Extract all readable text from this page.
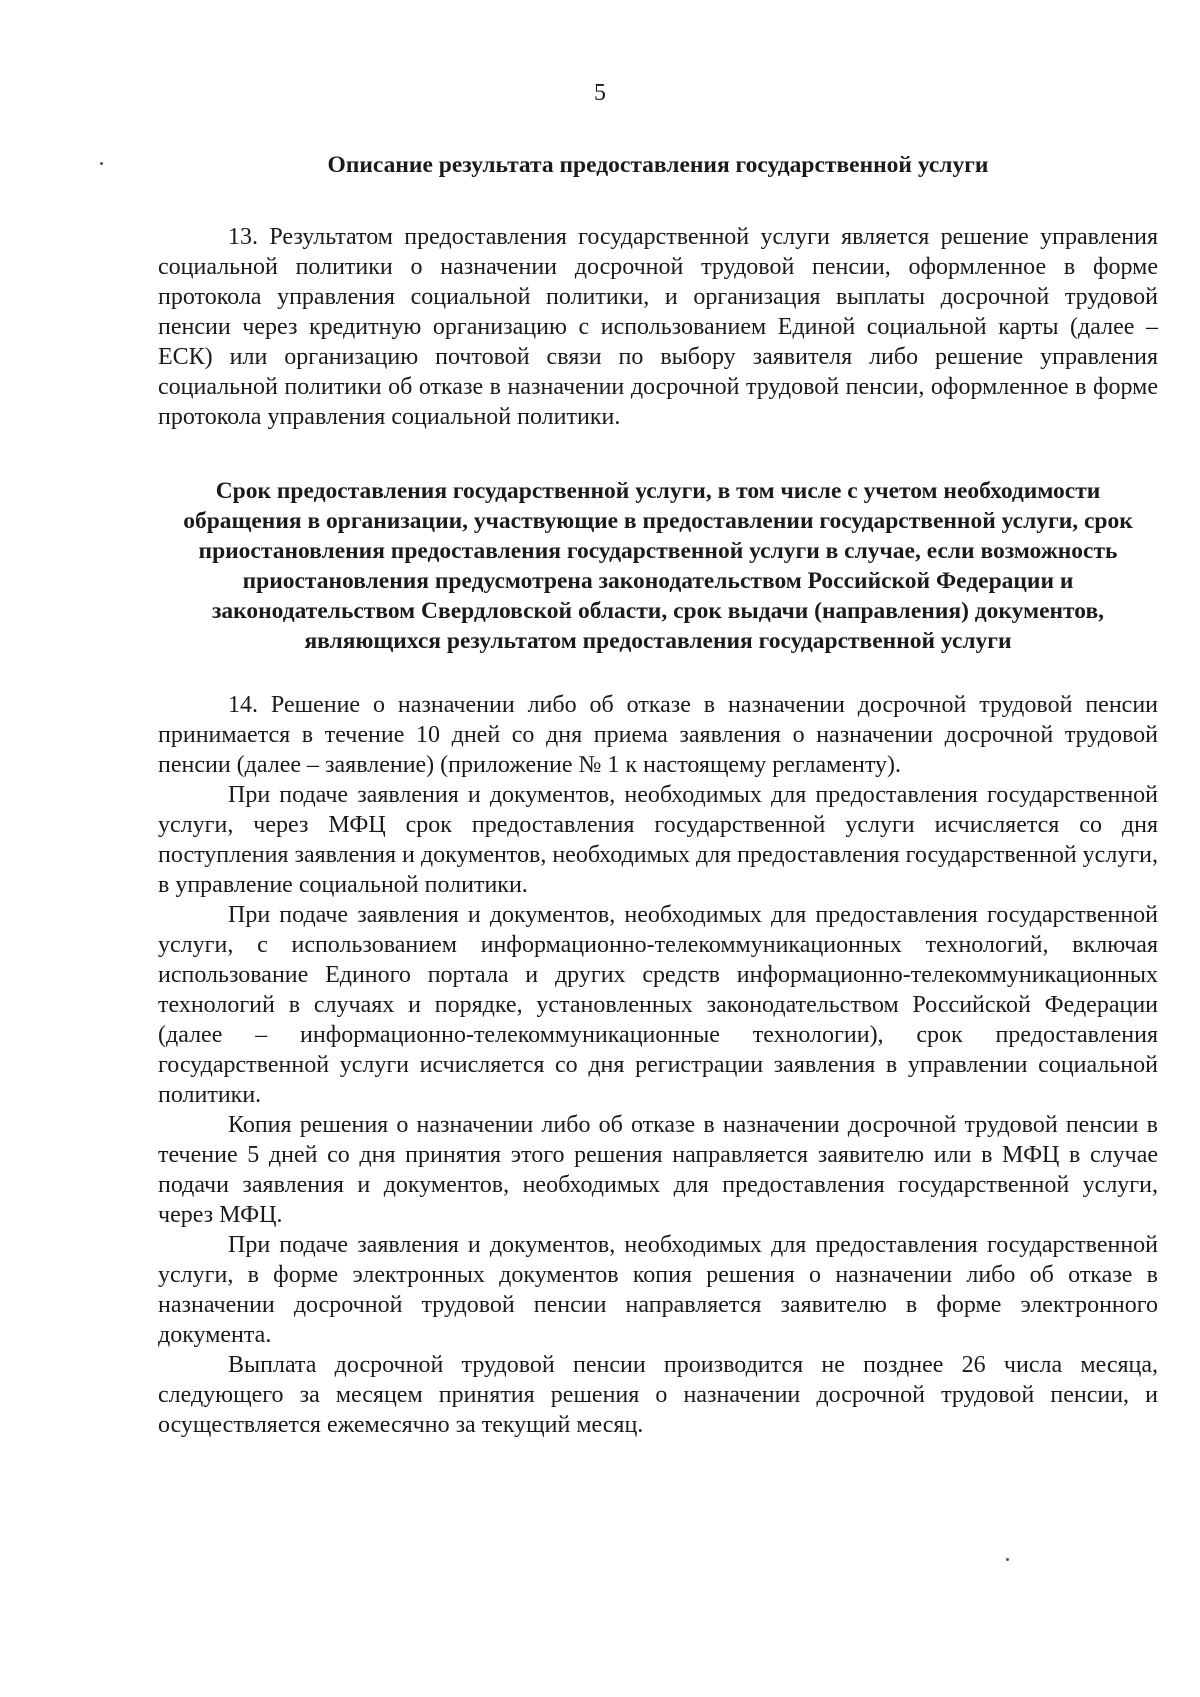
5
Описание результата предоставления государственной услуги

13. Результатом предоставления государственной услуги является решение управления социальной политики о назначении досрочной трудовой пенсии, оформленное в форме протокола управления социальной политики, и организация выплаты досрочной трудовой пенсии через кредитную организацию с использованием Единой социальной карты (далее – ЕСК) или организацию почтовой связи по выбору заявителя либо решение управления социальной политики об отказе в назначении досрочной трудовой пенсии, оформленное в форме протокола управления социальной политики.

Срок предоставления государственной услуги, в том числе с учетом необходимости обращения в организации, участвующие в предоставлении государственной услуги, срок приостановления предоставления государственной услуги в случае, если возможность приостановления предусмотрена законодательством Российской Федерации и законодательством Свердловской области, срок выдачи (направления) документов, являющихся результатом предоставления государственной услуги

14. Решение о назначении либо об отказе в назначении досрочной трудовой пенсии принимается в течение 10 дней со дня приема заявления о назначении досрочной трудовой пенсии (далее – заявление) (приложение № 1 к настоящему регламенту).

При подаче заявления и документов, необходимых для предоставления государственной услуги, через МФЦ срок предоставления государственной услуги исчисляется со дня поступления заявления и документов, необходимых для предоставления государственной услуги, в управление социальной политики.

При подаче заявления и документов, необходимых для предоставления государственной услуги, с использованием информационно-телекоммуникационных технологий, включая использование Единого портала и других средств информационно-телекоммуникационных технологий в случаях и порядке, установленных законодательством Российской Федерации (далее – информационно-телекоммуникационные технологии), срок предоставления государственной услуги исчисляется со дня регистрации заявления в управлении социальной политики.

Копия решения о назначении либо об отказе в назначении досрочной трудовой пенсии в течение 5 дней со дня принятия этого решения направляется заявителю или в МФЦ в случае подачи заявления и документов, необходимых для предоставления государственной услуги, через МФЦ.

При подаче заявления и документов, необходимых для предоставления государственной услуги, в форме электронных документов копия решения о назначении либо об отказе в назначении досрочной трудовой пенсии направляется заявителю в форме электронного документа.

Выплата досрочной трудовой пенсии производится не позднее 26 числа месяца, следующего за месяцем принятия решения о назначении досрочной трудовой пенсии, и осуществляется ежемесячно за текущий месяц.
